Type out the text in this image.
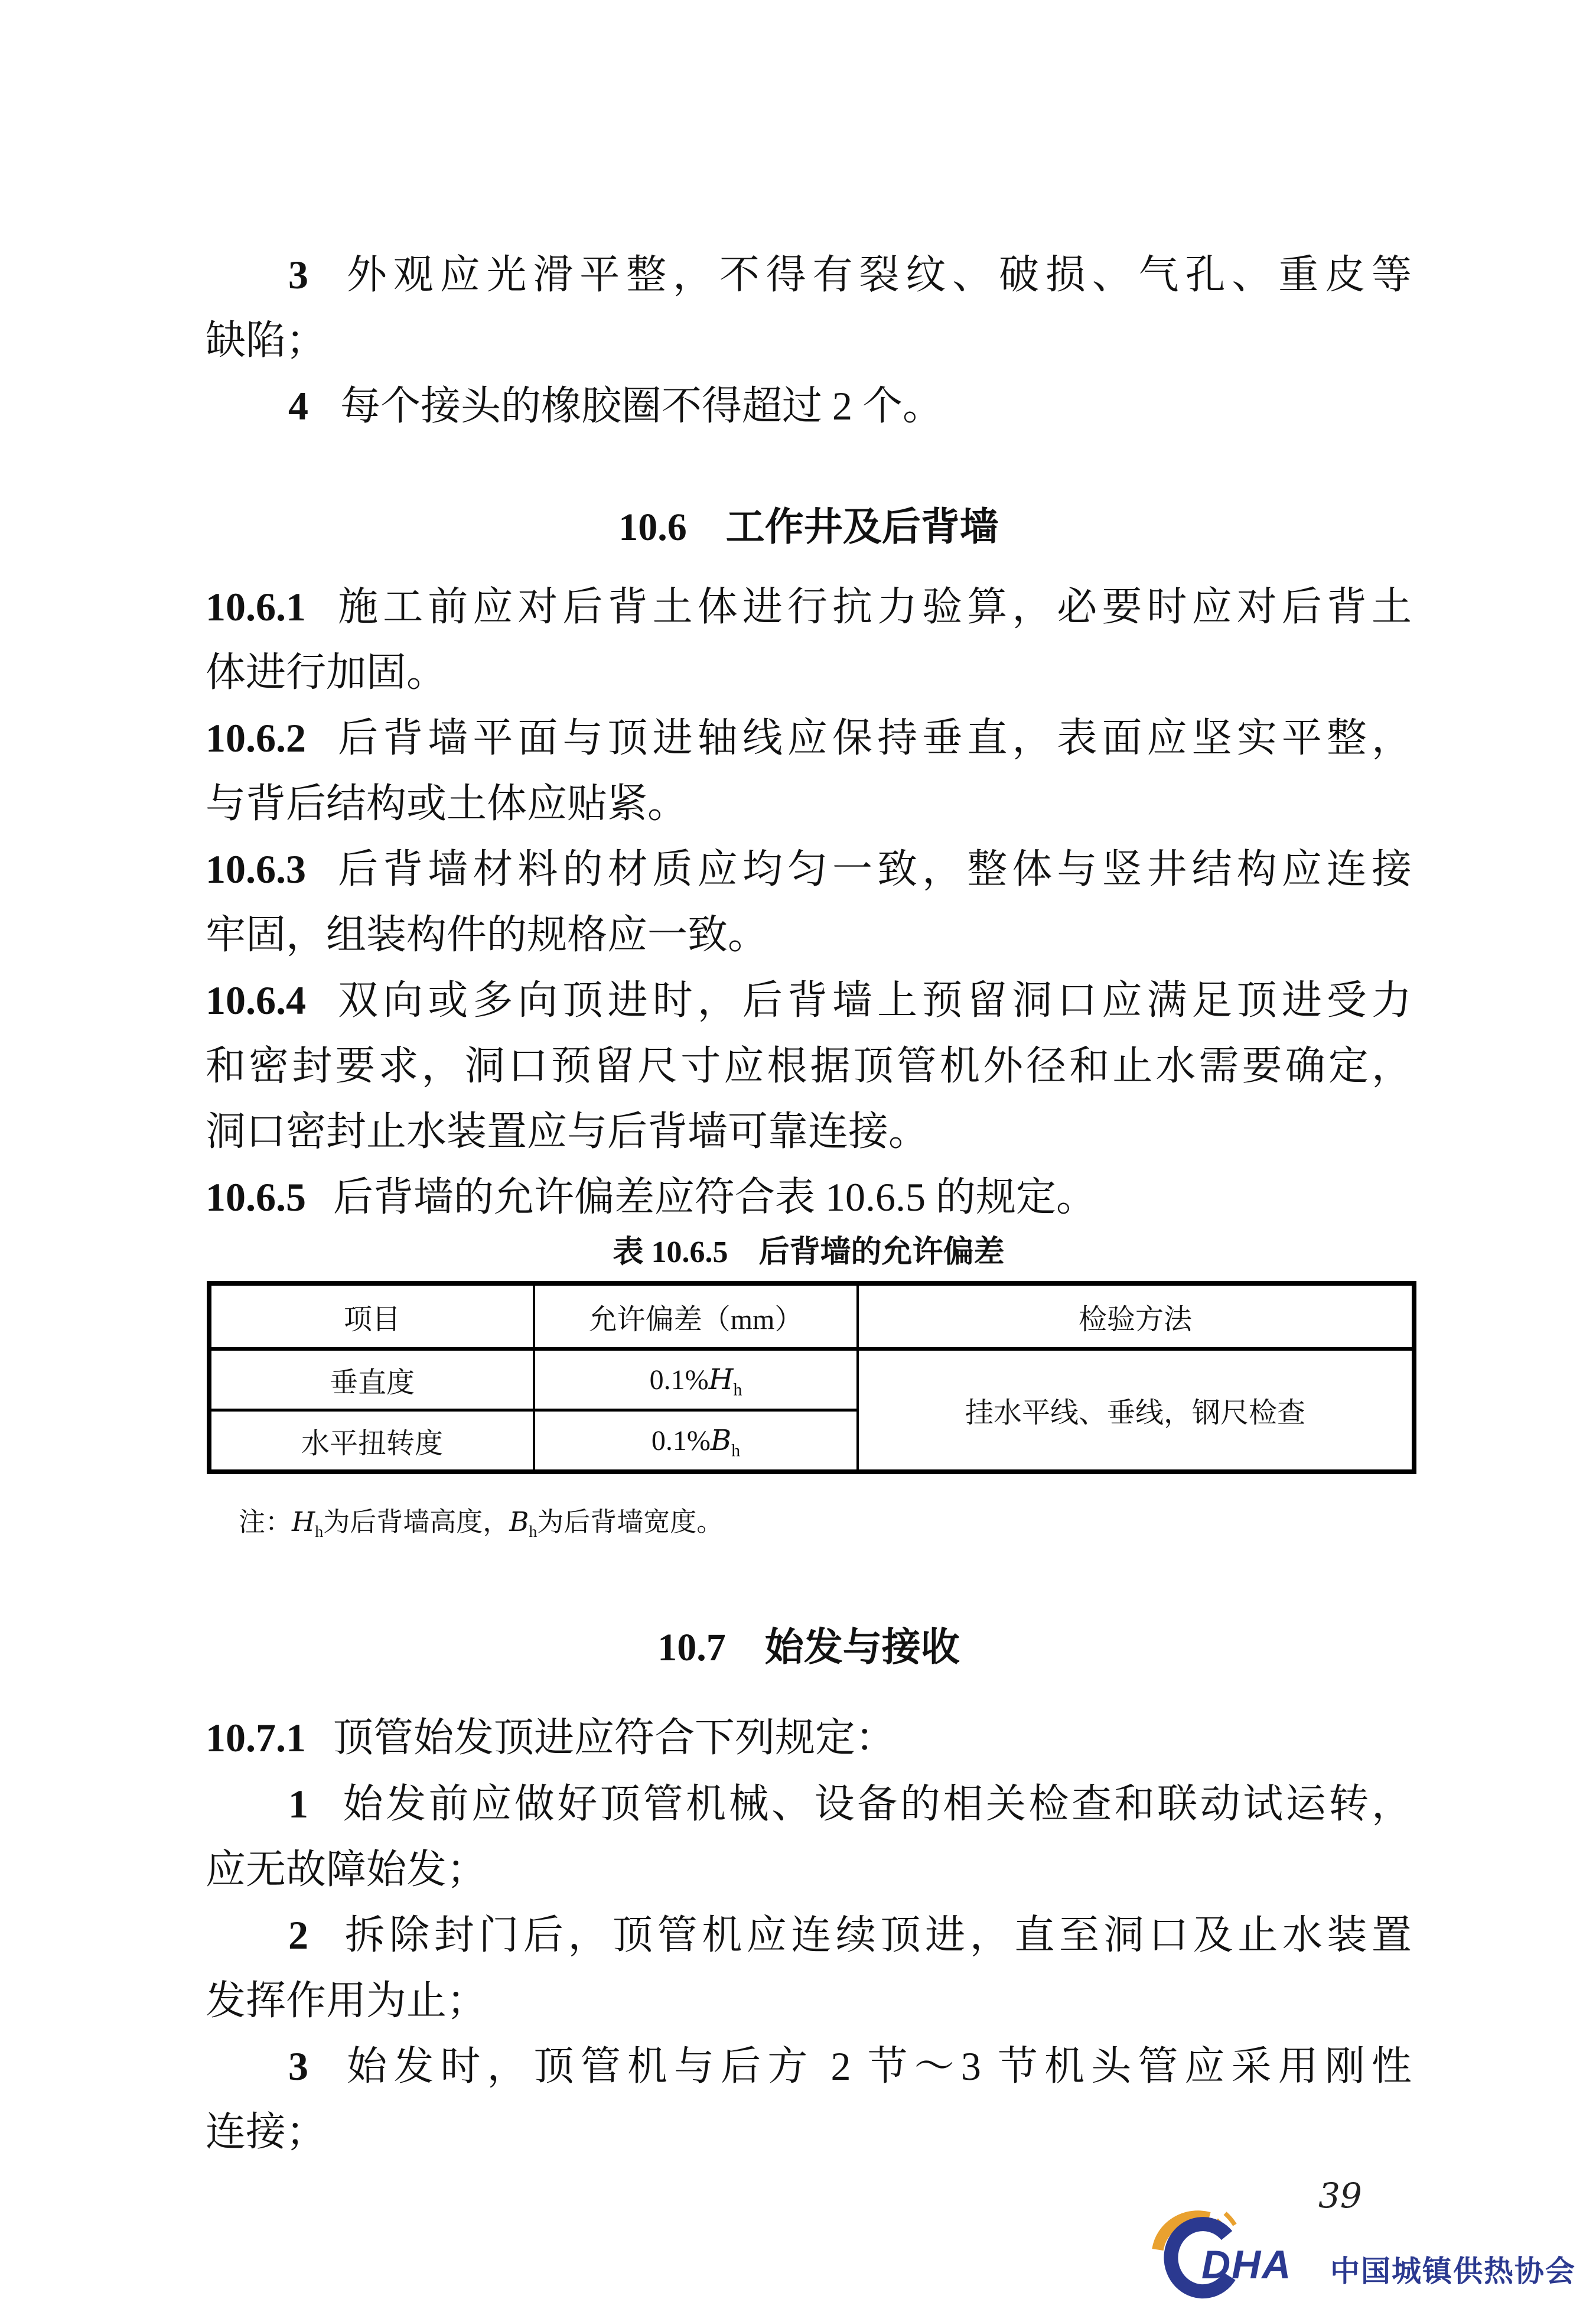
3 外观应光滑平整，不得有裂纹、破损、气孔、重皮等
缺陷；
4 每个接头的橡胶圈不得超过 2 个。
10.6　工作井及后背墙
10.6.1 施工前应对后背土体进行抗力验算，必要时应对后背土
体进行加固。
10.6.2 后背墙平面与顶进轴线应保持垂直，表面应坚实平整，
与背后结构或土体应贴紧。
10.6.3 后背墙材料的材质应均匀一致，整体与竖井结构应连接
牢固，组装构件的规格应一致。
10.6.4 双向或多向顶进时，后背墙上预留洞口应满足顶进受力
和密封要求，洞口预留尺寸应根据顶管机外径和止水需要确定，
洞口密封止水装置应与后背墙可靠连接。
10.6.5 后背墙的允许偏差应符合表 10.6.5 的规定。
表 10.6.5　后背墙的允许偏差
项目	允许偏差（mm）	检验方法
垂直度	$0.1\%H_h$	挂水平线、垂线，钢尺检查
水平扭转度	$0.1\%B_h$
注：$H_h$为后背墙高度，$B_h$为后背墙宽度。
10.7　始发与接收
10.7.1 顶管始发顶进应符合下列规定：
1 始发前应做好顶管机械、设备的相关检查和联动试运转，
应无故障始发；
2 拆除封门后，顶管机应连续顶进，直至洞口及止水装置
发挥作用为止；
3 始发时，顶管机与后方 2 节～3 节机头管应采用刚性
连接；
39
DHA 中国城镇供热协会
